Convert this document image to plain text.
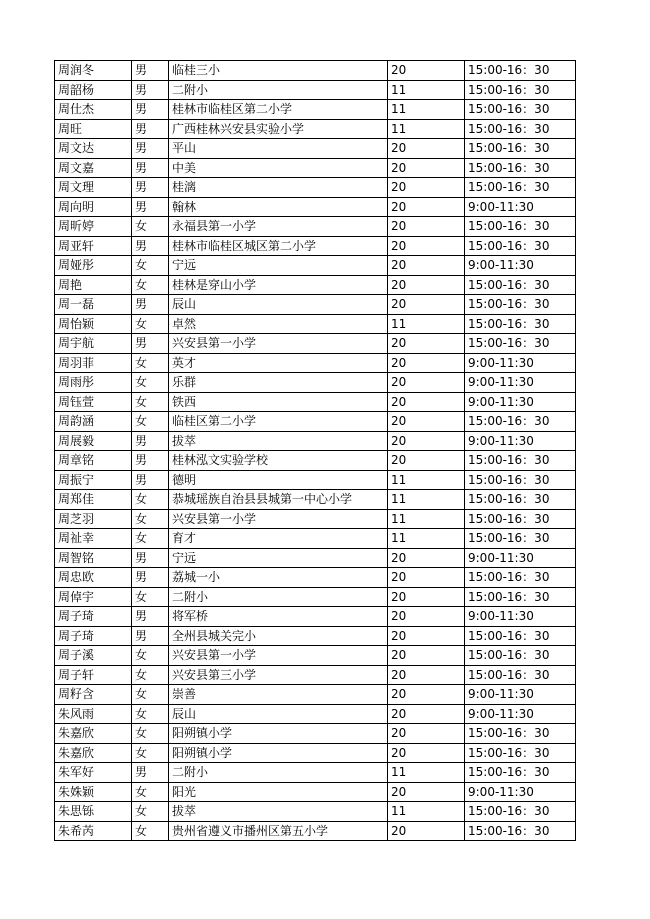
周润冬	男	临桂三小	20	15:00-16：30
周韶杨	男	二附小	11	15:00-16：30
周仕杰	男	桂林市临桂区第二小学	11	15:00-16：30
周旺	男	广西桂林兴安县实验小学	11	15:00-16：30
周文达	男	平山	20	15:00-16：30
周文嘉	男	中美	20	15:00-16：30
周文理	男	桂漓	20	15:00-16：30
周向明	男	翰林	20	9:00-11:30
周昕婷	女	永福县第一小学	20	15:00-16：30
周亚轩	男	桂林市临桂区城区第二小学	20	15:00-16：30
周娅彤	女	宁远	20	9:00-11:30
周艳	女	桂林是穿山小学	20	15:00-16：30
周一磊	男	辰山	20	15:00-16：30
周怡颖	女	卓然	11	15:00-16：30
周宇航	男	兴安县第一小学	20	15:00-16：30
周羽菲	女	英才	20	9:00-11:30
周雨彤	女	乐群	20	9:00-11:30
周钰萱	女	铁西	20	9:00-11:30
周韵涵	女	临桂区第二小学	20	15:00-16：30
周展毅	男	拔萃	20	9:00-11:30
周章铭	男	桂林泓文实验学校	20	15:00-16：30
周振宁	男	德明	11	15:00-16：30
周郑佳	女	恭城瑶族自治县县城第一中心小学	11	15:00-16：30
周芝羽	女	兴安县第一小学	11	15:00-16：30
周祉幸	女	育才	11	15:00-16：30
周智铭	男	宁远	20	9:00-11:30
周忠欧	男	荔城一小	20	15:00-16：30
周倬宇	女	二附小	20	15:00-16：30
周子琦	男	将军桥	20	9:00-11:30
周子琦	男	全州县城关完小	20	15:00-16：30
周子溪	女	兴安县第一小学	20	15:00-16：30
周子轩	女	兴安县第三小学	20	15:00-16：30
周籽含	女	崇善	20	9:00-11:30
朱风雨	女	辰山	20	9:00-11:30
朱嘉欣	女	阳朔镇小学	20	15:00-16：30
朱嘉欣	女	阳朔镇小学	20	15:00-16：30
朱军好	男	二附小	11	15:00-16：30
朱姝颖	女	阳光	20	9:00-11:30
朱思铄	女	拔萃	11	15:00-16：30
朱希芮	女	贵州省遵义市播州区第五小学	20	15:00-16：30
